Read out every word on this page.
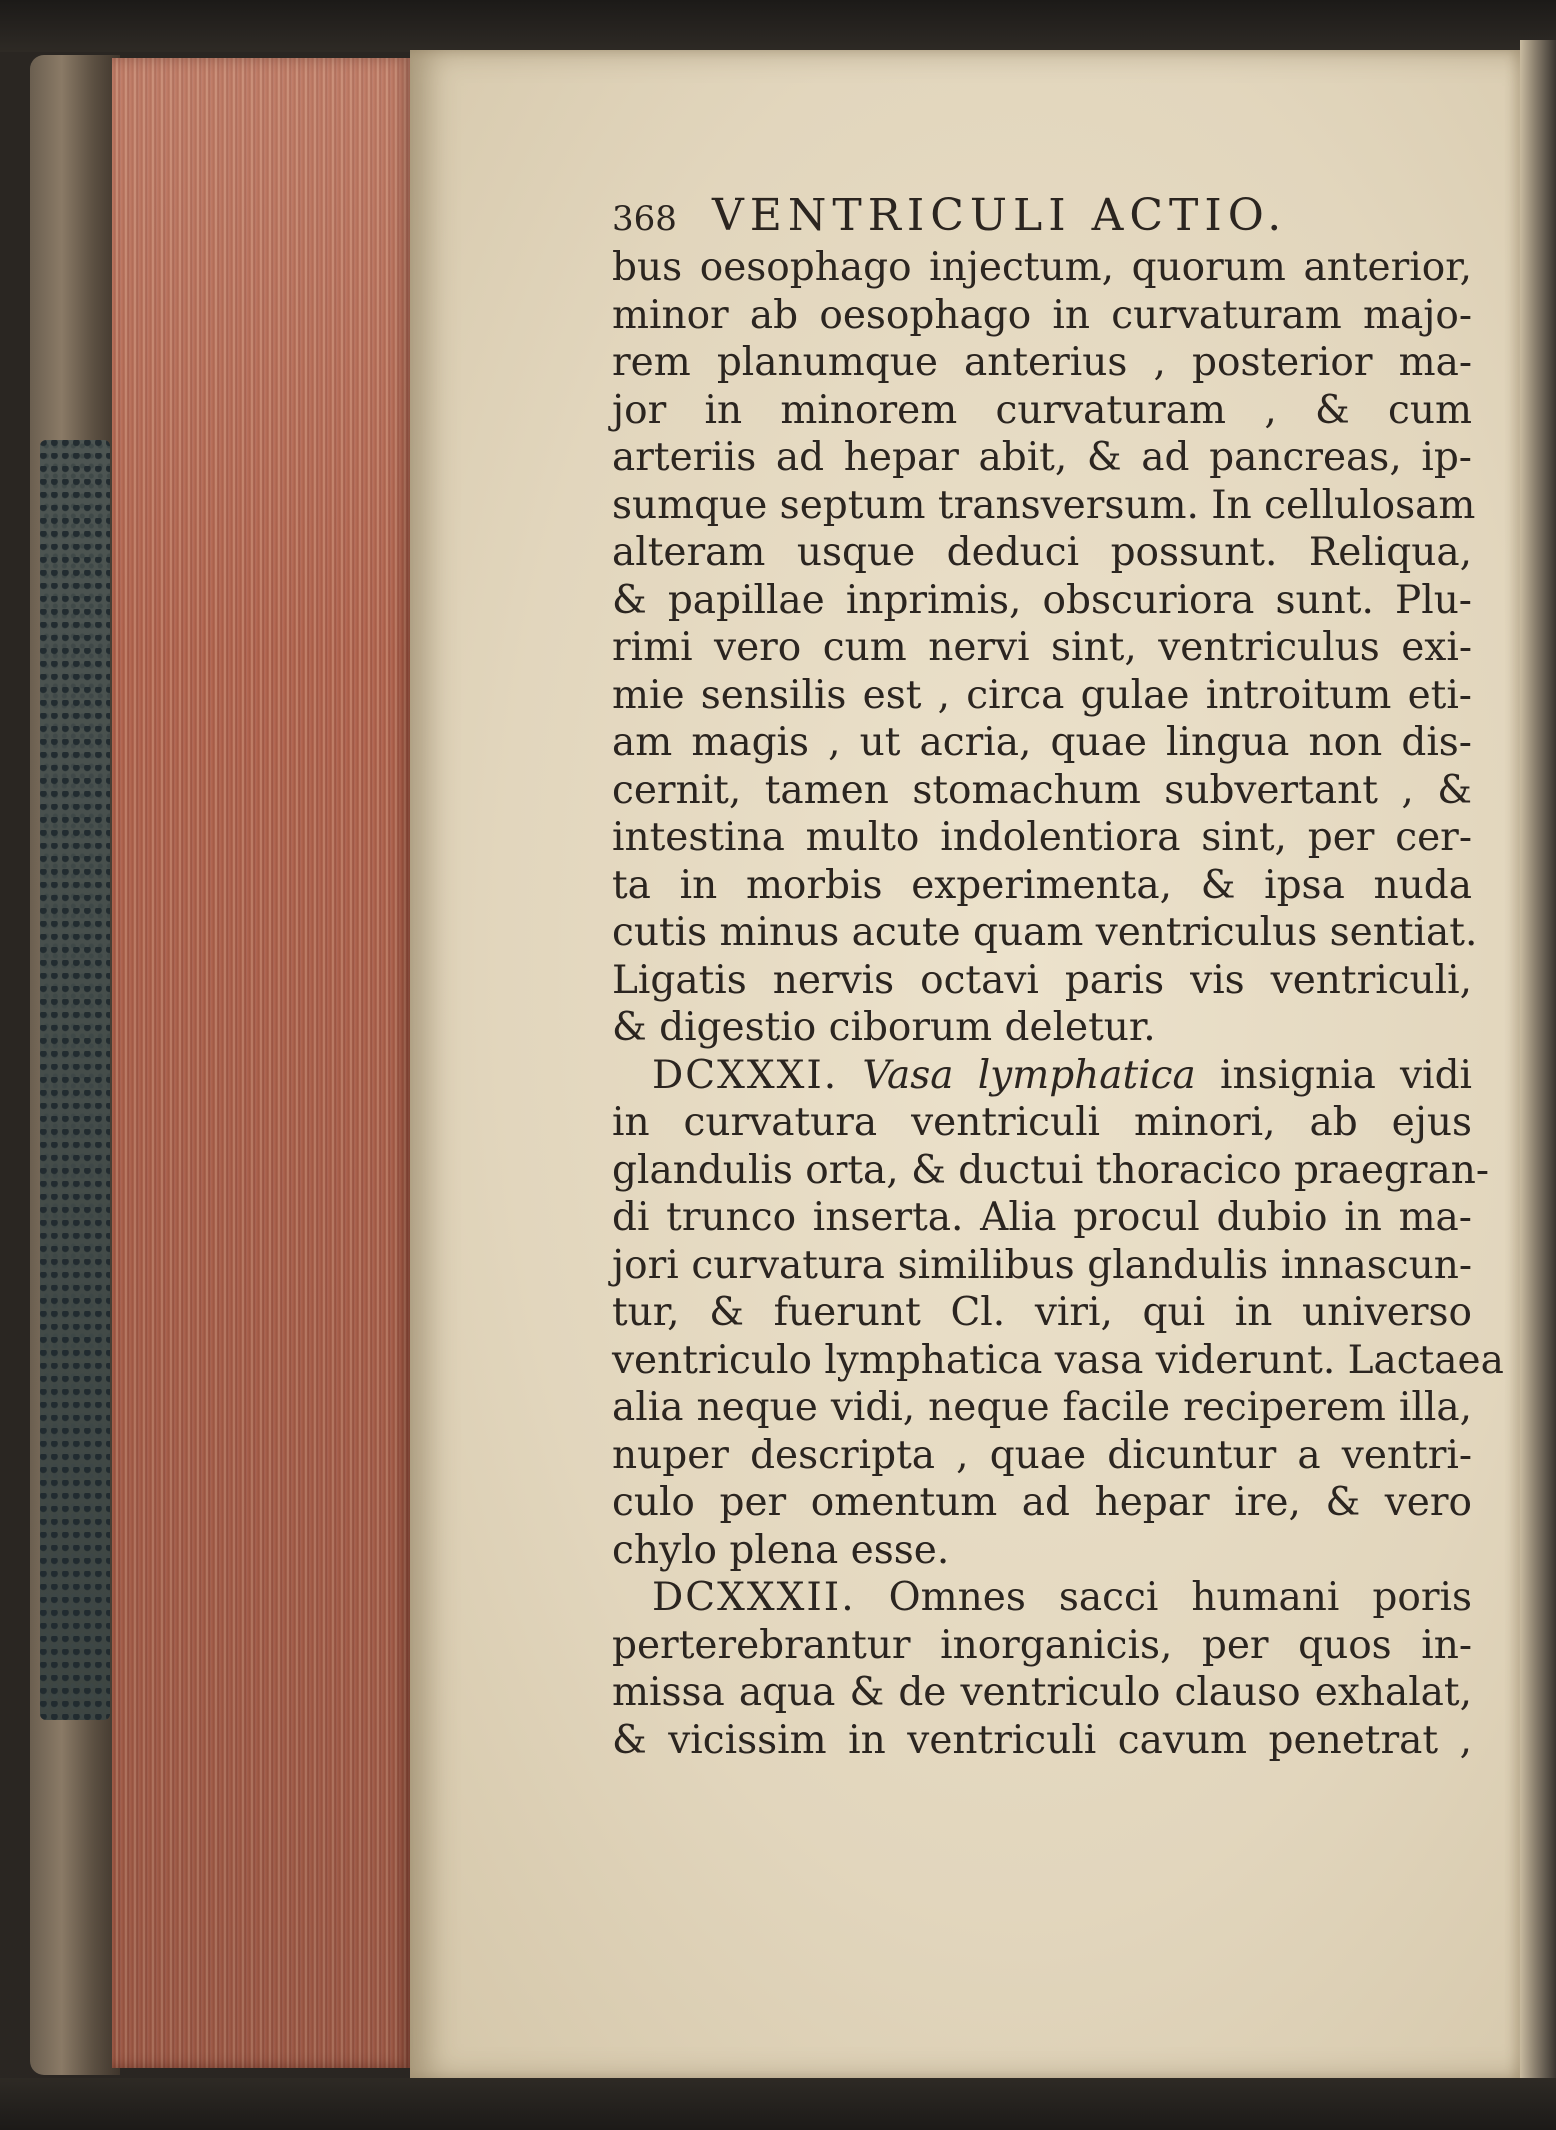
368 VENTRICULI ACTIO.
bus oesophago injectum, quorum anterior,
minor ab oesophago in curvaturam majo-
rem planumque anterius , posterior ma-
jor in minorem curvaturam , & cum
arteriis ad hepar abit, & ad pancreas, ip-
sumque septum transversum. In cellulosam
alteram usque deduci possunt. Reliqua,
& papillae inprimis, obscuriora sunt. Plu-
rimi vero cum nervi sint, ventriculus exi-
mie sensilis est , circa gulae introitum eti-
am magis , ut acria, quae lingua non dis-
cernit, tamen stomachum subvertant , &
intestina multo indolentiora sint, per cer-
ta in morbis experimenta, & ipsa nuda
cutis minus acute quam ventriculus sentiat.
Ligatis nervis octavi paris vis ventriculi,
& digestio ciborum deletur.
DCXXXI. Vasa lymphatica insignia vidi
in curvatura ventriculi minori, ab ejus
glandulis orta, & ductui thoracico praegran-
di trunco inserta. Alia procul dubio in ma-
jori curvatura similibus glandulis innascun-
tur, & fuerunt Cl. viri, qui in universo
ventriculo lymphatica vasa viderunt. Lactaea
alia neque vidi, neque facile reciperem illa,
nuper descripta , quae dicuntur a ventri-
culo per omentum ad hepar ire, & vero
chylo plena esse.
DCXXXII. Omnes sacci humani poris
perterebrantur inorganicis, per quos in-
missa aqua & de ventriculo clauso exhalat,
& vicissim in ventriculi cavum penetrat ,
